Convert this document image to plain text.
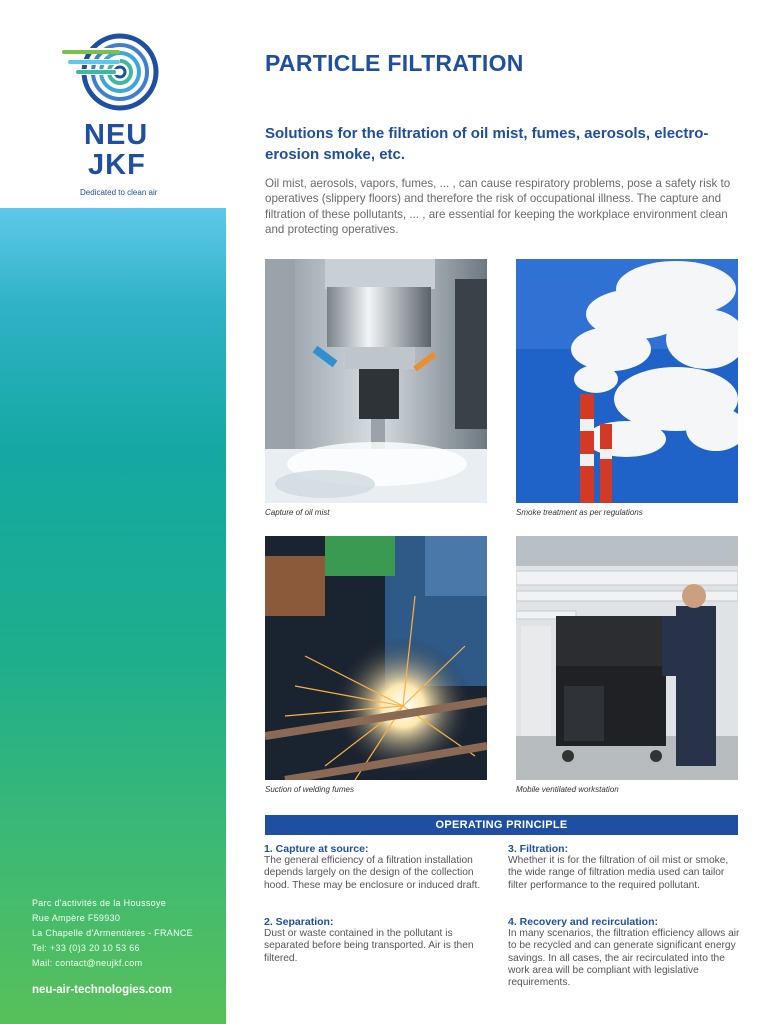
NEU
JKF
Dedicated to clean air
Parc d'activités de la Houssoye
Rue Ampère F59930
La Chapelle d'Armentières - FRANCE
Tel: +33 (0)3 20 10 53 66
Mail: contact@neujkf.com
neu-air-technologies.com
PARTICLE FILTRATION
Solutions for the filtration of oil mist, fumes, aerosols, electro-erosion smoke, etc.
Oil mist, aerosols, vapors, fumes, ... , can cause respiratory problems, pose a safety risk to operatives (slippery floors) and therefore the risk of occupational illness. The capture and filtration of these pollutants, ... , are essential for keeping the workplace environment clean and protecting operatives.
Capture of oil mist	Smoke treatment as per regulations
Suction of welding fumes	Mobile ventilated workstation
OPERATING PRINCIPLE
1. Capture at source:
The general efficiency of a filtration installation depends largely on the design of the collection hood. These may be enclosure or induced draft.
2. Separation:
Dust or waste contained in the pollutant is separated before being transported. Air is then filtered.
3. Filtration:
Whether it is for the filtration of oil mist or smoke, the wide range of filtration media used can tailor filter performance to the required pollutant.
4. Recovery and recirculation:
In many scenarios, the filtration efficiency allows air to be recycled and can generate significant energy savings. In all cases, the air recirculated into the work area will be compliant with legislative requirements.
